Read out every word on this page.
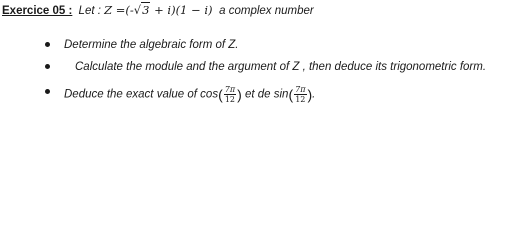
Exercice 05 : Let : Z =(-√3 + i)(1 − i) a complex number
Determine the algebraic form of Z.
Calculate the module and the argument of Z , then deduce its trigonometric form.
Deduce the exact value of $\cos( \frac{7\pi}{12}$ ) et de $\sin( \frac{7\pi}{12}$ ).
